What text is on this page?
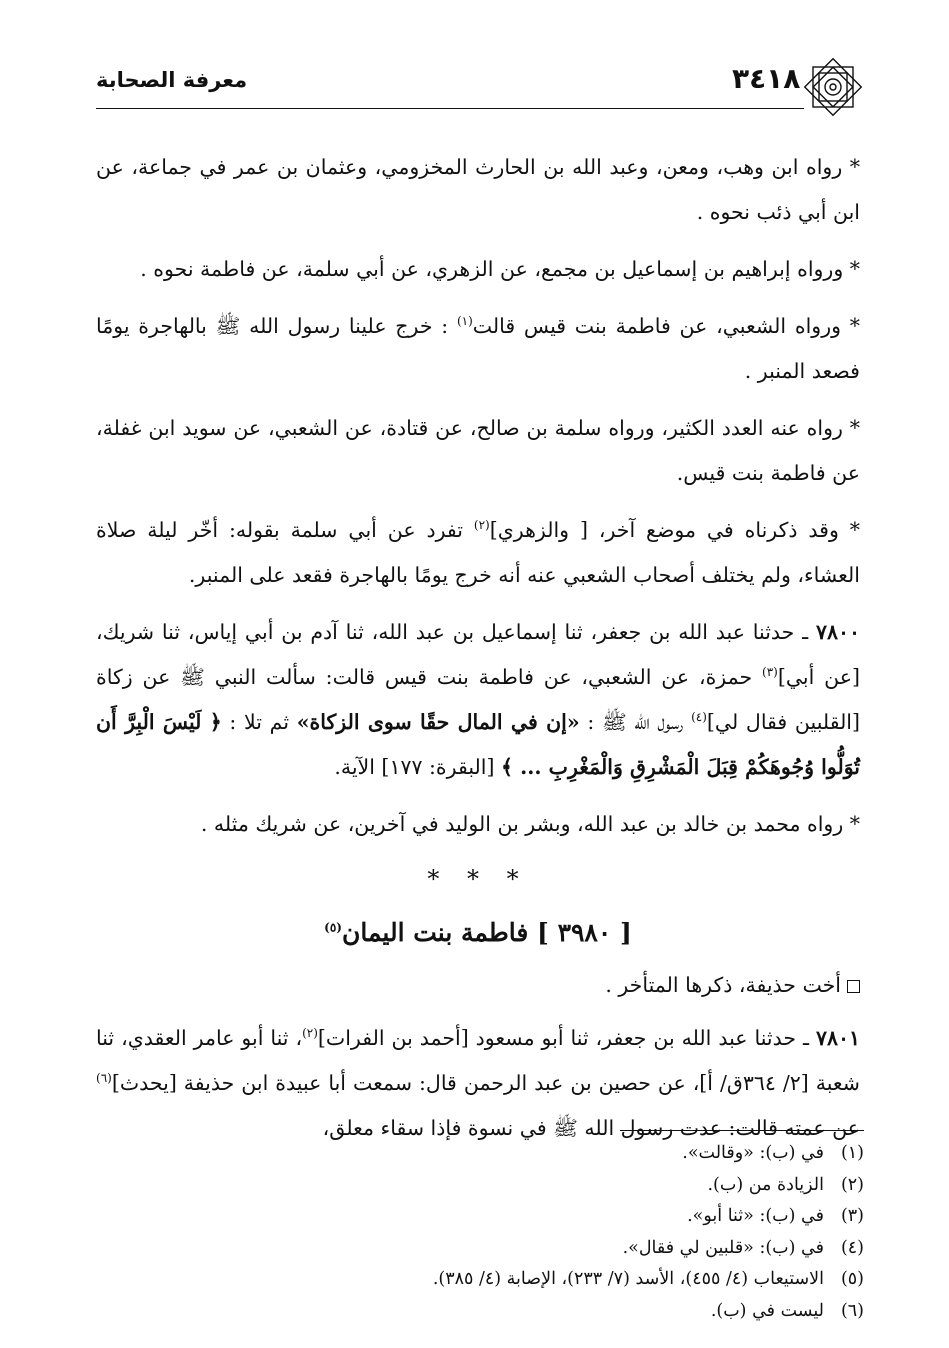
معرفة الصحابة	٣٤١٨

* رواه ابن وهب، ومعن، وعبد الله بن الحارث المخزومي، وعثمان بن عمر في جماعة، عن ابن أبي ذئب نحوه .

* ورواه إبراهيم بن إسماعيل بن مجمع، عن الزهري، عن أبي سلمة، عن فاطمة نحوه .

* ورواه الشعبي، عن فاطمة بنت قيس قالت$^{(١)}$ : خرج علينا رسول الله ﷺ بالهاجرة يومًا فصعد المنبر .

* رواه عنه العدد الكثير، ورواه سلمة بن صالح، عن قتادة، عن الشعبي، عن سويد ابن غفلة، عن فاطمة بنت قيس.

* وقد ذكرناه في موضع آخر، [ والزهري]$^{(٢)}$ تفرد عن أبي سلمة بقوله: أخّر ليلة صلاة العشاء، ولم يختلف أصحاب الشعبي عنه أنه خرج يومًا بالهاجرة فقعد على المنبر.

٧٨٠٠ ـ حدثنا عبد الله بن جعفر، ثنا إسماعيل بن عبد الله، ثنا آدم بن أبي إياس، ثنا شريك، [عن أبي]$^{(٣)}$ حمزة، عن الشعبي، عن فاطمة بنت قيس قالت: سألت النبي ﷺ عن زكاة [القلبين فقال لي]$^{(٤)}$ رسول الله ﷺ : «إن في المال حقًا سوى الزكاة» ثم تلا : ﴿ لَيْسَ الْبِرَّ أَن تُوَلُّوا وُجُوهَكُمْ قِبَلَ الْمَشْرِقِ وَالْمَغْرِبِ ... ﴾ [البقرة: ١٧٧] الآية.

* رواه محمد بن خالد بن عبد الله، وبشر بن الوليد في آخرين، عن شريك مثله .

* * *
[ ٣٩٨٠ ] فاطمة بنت اليمان$^{(٥)}$

أخت حذيفة، ذكرها المتأخر .

٧٨٠١ ـ حدثنا عبد الله بن جعفر، ثنا أبو مسعود [أحمد بن الفرات]$^{(٢)}$، ثنا أبو عامر العقدي، ثنا شعبة [٢/ ٣٦٤ق/ أ]، عن حصين بن عبد الرحمن قال: سمعت أبا عبيدة ابن حذيفة [يحدث]$^{(٦)}$ عن عمته قالت: عدت رسول الله ﷺ في نسوة فإذا سقاء معلق،

(١)في (ب): «وقالت».

(٢)الزيادة من (ب).

(٣)في (ب): «ثنا أبو».

(٤)في (ب): «قلبين لي فقال».

(٥)الاستيعاب (٤/ ٤٥٥)، الأسد (٧/ ٢٣٣)، الإصابة (٤/ ٣٨٥).

(٦)ليست في (ب).
